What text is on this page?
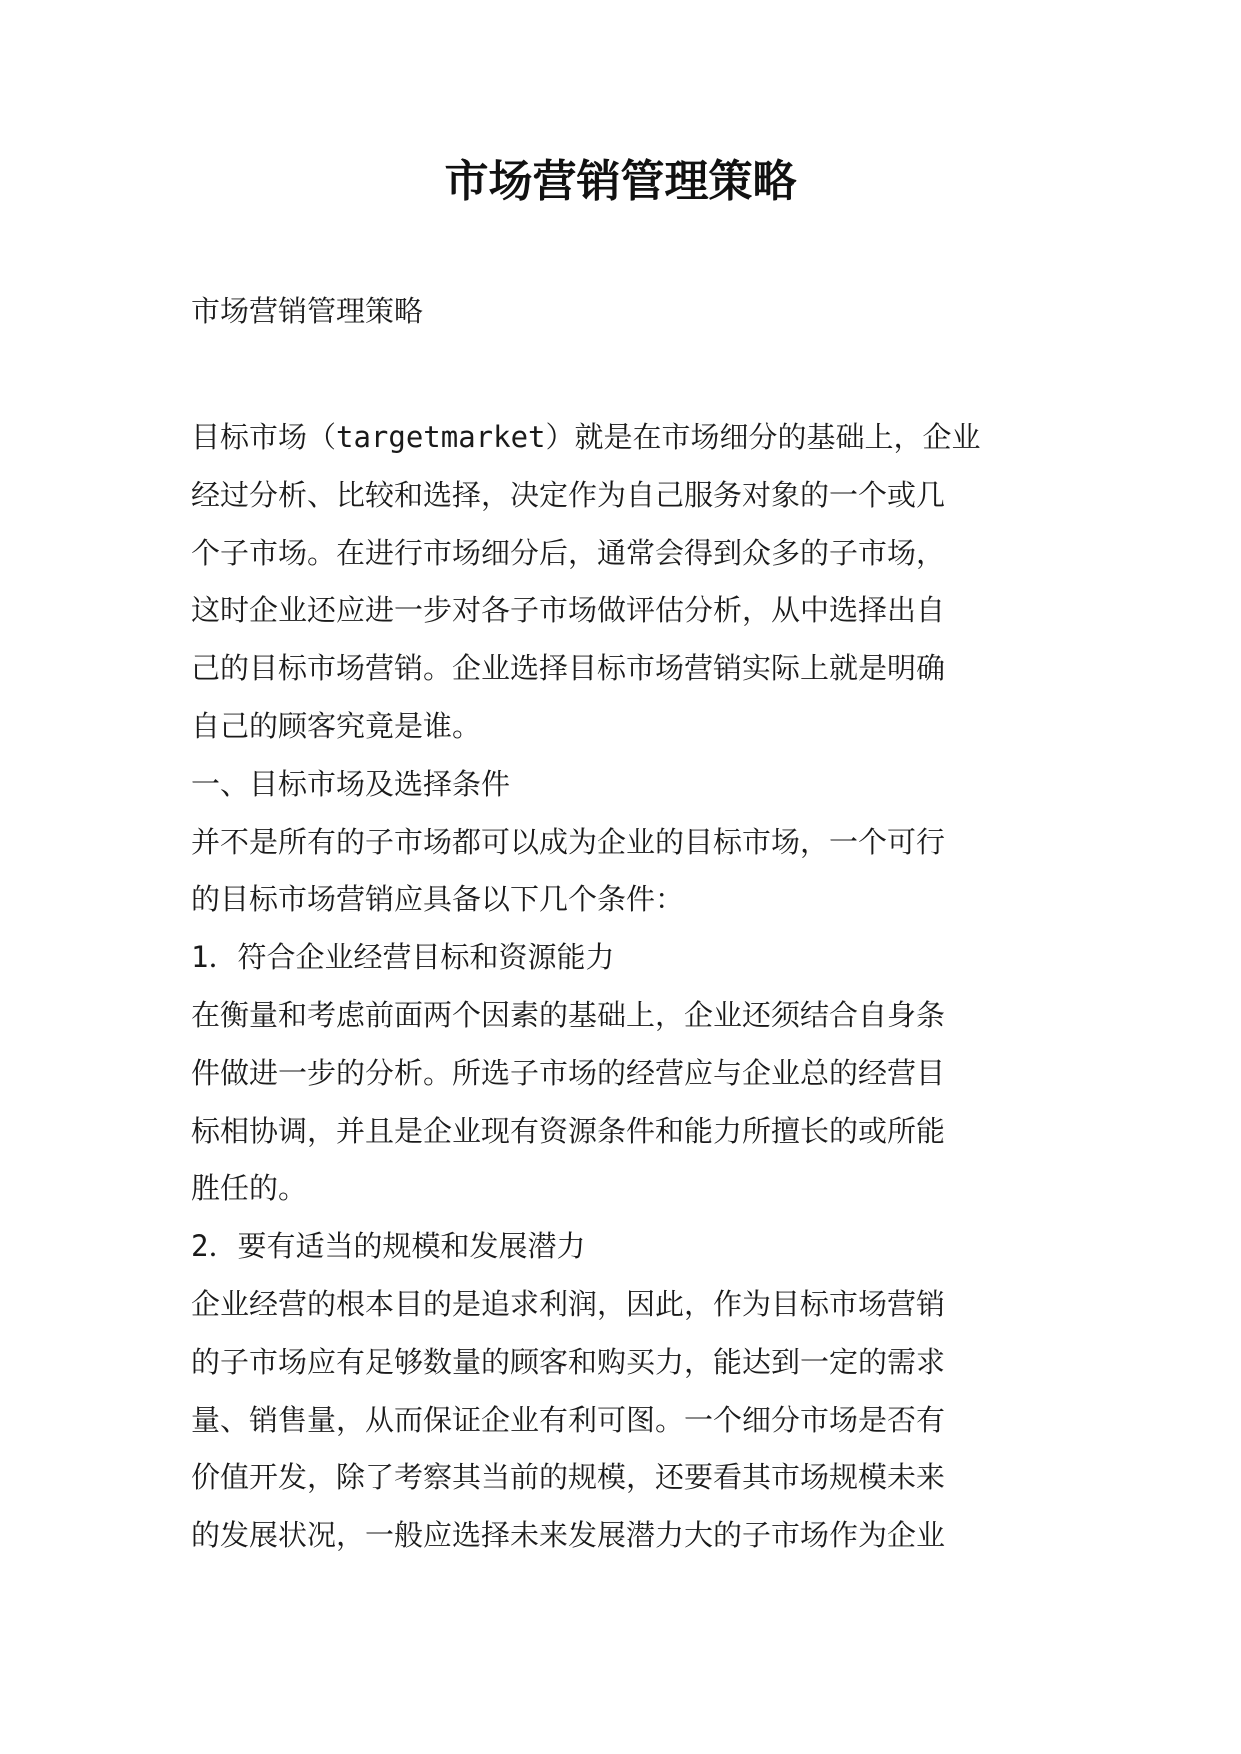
市场营销管理策略

市场营销管理策略

目标市场（targetmarket）就是在市场细分的基础上，企业
经过分析、比较和选择，决定作为自己服务对象的一个或几
个子市场。在进行市场细分后，通常会得到众多的子市场，
这时企业还应进一步对各子市场做评估分析，从中选择出自
己的目标市场营销。企业选择目标市场营销实际上就是明确
自己的顾客究竟是谁。
一、目标市场及选择条件
并不是所有的子市场都可以成为企业的目标市场，一个可行
的目标市场营销应具备以下几个条件：
1．符合企业经营目标和资源能力
在衡量和考虑前面两个因素的基础上，企业还须结合自身条
件做进一步的分析。所选子市场的经营应与企业总的经营目
标相协调，并且是企业现有资源条件和能力所擅长的或所能
胜任的。
2．要有适当的规模和发展潜力
企业经营的根本目的是追求利润，因此，作为目标市场营销
的子市场应有足够数量的顾客和购买力，能达到一定的需求
量、销售量，从而保证企业有利可图。一个细分市场是否有
价值开发，除了考察其当前的规模，还要看其市场规模未来
的发展状况，一般应选择未来发展潜力大的子市场作为企业
